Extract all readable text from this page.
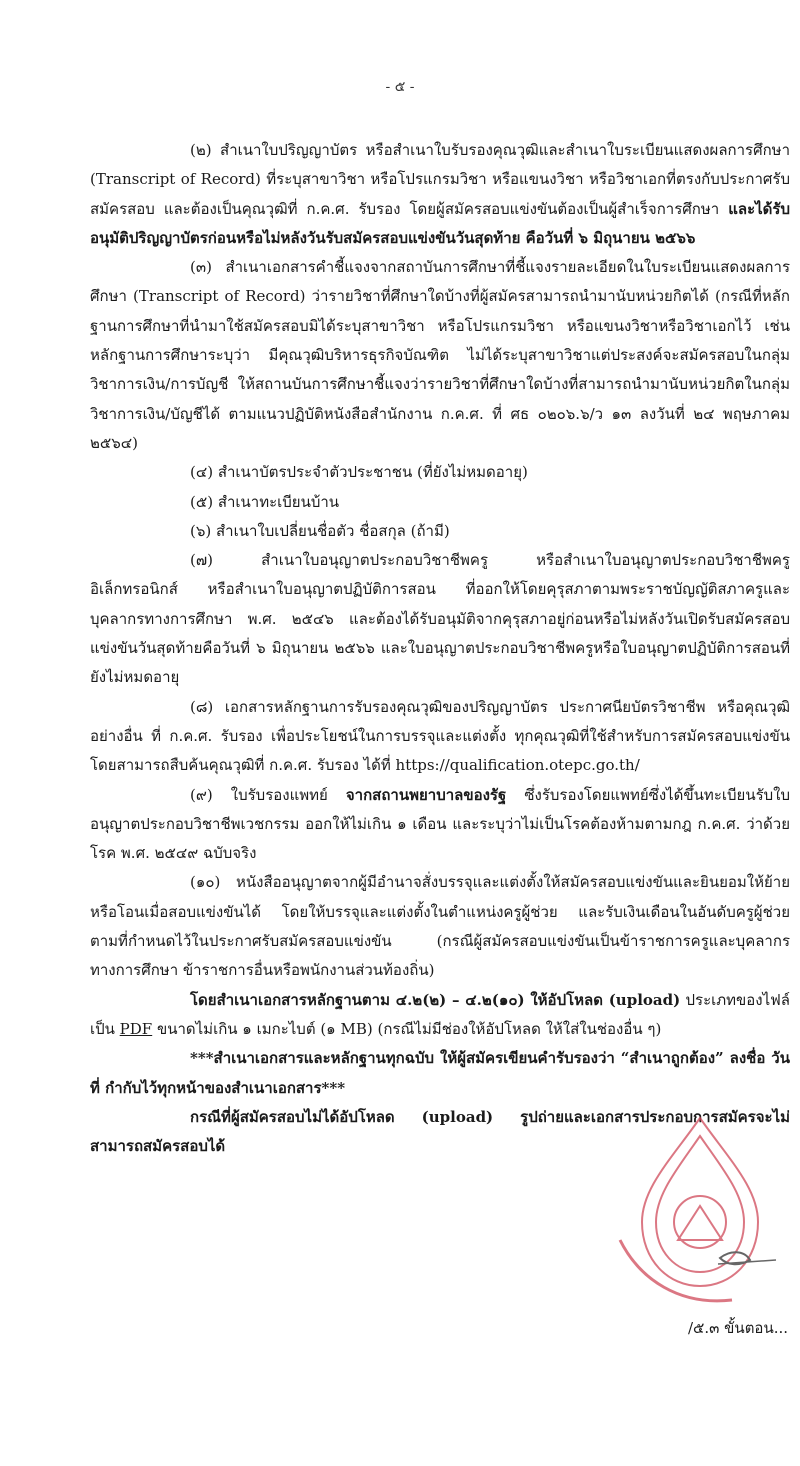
- ๕ -

(๒) สำเนาใบปริญญาบัตร หรือสำเนาใบรับรองคุณวุฒิและสำเนาใบระเบียนแสดงผลการศึกษา (Transcript of Record) ที่ระบุสาขาวิชา หรือโปรแกรมวิชา หรือแขนงวิชา หรือวิชาเอกที่ตรงกับประกาศรับสมัครสอบ และต้องเป็นคุณวุฒิที่ ก.ค.ศ. รับรอง โดยผู้สมัครสอบแข่งขันต้องเป็นผู้สำเร็จการศึกษา และได้รับอนุมัติปริญญาบัตรก่อนหรือไม่หลังวันรับสมัครสอบแข่งขันวันสุดท้าย คือวันที่ ๖ มิถุนายน ๒๕๖๖

(๓) สำเนาเอกสารคำชี้แจงจากสถาบันการศึกษาที่ชี้แจงรายละเอียดในใบระเบียนแสดงผลการศึกษา (Transcript of Record) ว่ารายวิชาที่ศึกษาใดบ้างที่ผู้สมัครสามารถนำมานับหน่วยกิตได้ (กรณีที่หลักฐานการศึกษาที่นำมาใช้สมัครสอบมิได้ระบุสาขาวิชา หรือโปรแกรมวิชา หรือแขนงวิชาหรือวิชาเอกไว้ เช่น หลักฐานการศึกษาระบุว่า มีคุณวุฒิบริหารธุรกิจบัณฑิต ไม่ได้ระบุสาขาวิชาแต่ประสงค์จะสมัครสอบในกลุ่มวิชาการเงิน/การบัญชี ให้สถานบันการศึกษาชี้แจงว่ารายวิชาที่ศึกษาใดบ้างที่สามารถนำมานับหน่วยกิตในกลุ่มวิชาการเงิน/บัญชีได้ ตามแนวปฏิบัติหนังสือสำนักงาน ก.ค.ศ. ที่ ศธ ๐๒๐๖.๖/ว ๑๓ ลงวันที่ ๒๔ พฤษภาคม ๒๕๖๔)

(๔) สำเนาบัตรประจำตัวประชาชน (ที่ยังไม่หมดอายุ)

(๕) สำเนาทะเบียนบ้าน

(๖) สำเนาใบเปลี่ยนชื่อตัว ชื่อสกุล (ถ้ามี)

(๗) สำเนาใบอนุญาตประกอบวิชาชีพครู หรือสำเนาใบอนุญาตประกอบวิชาชีพครูอิเล็กทรอนิกส์ หรือสำเนาใบอนุญาตปฏิบัติการสอน ที่ออกให้โดยคุรุสภาตามพระราชบัญญัติสภาครูและบุคลากรทางการศึกษา พ.ศ. ๒๕๔๖ และต้องได้รับอนุมัติจากคุรุสภาอยู่ก่อนหรือไม่หลังวันเปิดรับสมัครสอบแข่งขันวันสุดท้ายคือวันที่ ๖ มิถุนายน ๒๕๖๖ และใบอนุญาตประกอบวิชาชีพครูหรือใบอนุญาตปฏิบัติการสอนที่ยังไม่หมดอายุ

(๘) เอกสารหลักฐานการรับรองคุณวุฒิของปริญญาบัตร ประกาศนียบัตรวิชาชีพ หรือคุณวุฒิอย่างอื่น ที่ ก.ค.ศ. รับรอง เพื่อประโยชน์ในการบรรจุและแต่งตั้ง ทุกคุณวุฒิที่ใช้สำหรับการสมัครสอบแข่งขัน โดยสามารถสืบค้นคุณวุฒิที่ ก.ค.ศ. รับรอง ได้ที่ https://qualification.otepc.go.th/

(๙) ใบรับรองแพทย์ จากสถานพยาบาลของรัฐ ซึ่งรับรองโดยแพทย์ซึ่งได้ขึ้นทะเบียนรับใบอนุญาตประกอบวิชาชีพเวชกรรม ออกให้ไม่เกิน ๑ เดือน และระบุว่าไม่เป็นโรคต้องห้ามตามกฎ ก.ค.ศ. ว่าด้วยโรค พ.ศ. ๒๕๔๙ ฉบับจริง

(๑๐) หนังสืออนุญาตจากผู้มีอำนาจสั่งบรรจุและแต่งตั้งให้สมัครสอบแข่งขันและยินยอมให้ย้ายหรือโอนเมื่อสอบแข่งขันได้ โดยให้บรรจุและแต่งตั้งในตำแหน่งครูผู้ช่วย และรับเงินเดือนในอันดับครูผู้ช่วย ตามที่กำหนดไว้ในประกาศรับสมัครสอบแข่งขัน (กรณีผู้สมัครสอบแข่งขันเป็นข้าราชการครูและบุคลากรทางการศึกษา ข้าราชการอื่นหรือพนักงานส่วนท้องถิ่น)

โดยสำเนาเอกสารหลักฐานตาม ๔.๒(๒) – ๔.๒(๑๐) ให้อัปโหลด (upload) ประเภทของไฟล์เป็น PDF ขนาดไม่เกิน ๑ เมกะไบต์ (๑ MB) (กรณีไม่มีช่องให้อัปโหลด ให้ใส่ในช่องอื่น ๆ)

***สำเนาเอกสารและหลักฐานทุกฉบับ ให้ผู้สมัครเขียนคำรับรองว่า “สำเนาถูกต้อง” ลงชื่อ วันที่ กำกับไว้ทุกหน้าของสำเนาเอกสาร***

กรณีที่ผู้สมัครสอบไม่ได้อัปโหลด (upload) รูปถ่ายและเอกสารประกอบการสมัครจะไม่สามารถสมัครสอบได้

/๕.๓ ขั้นตอน...
